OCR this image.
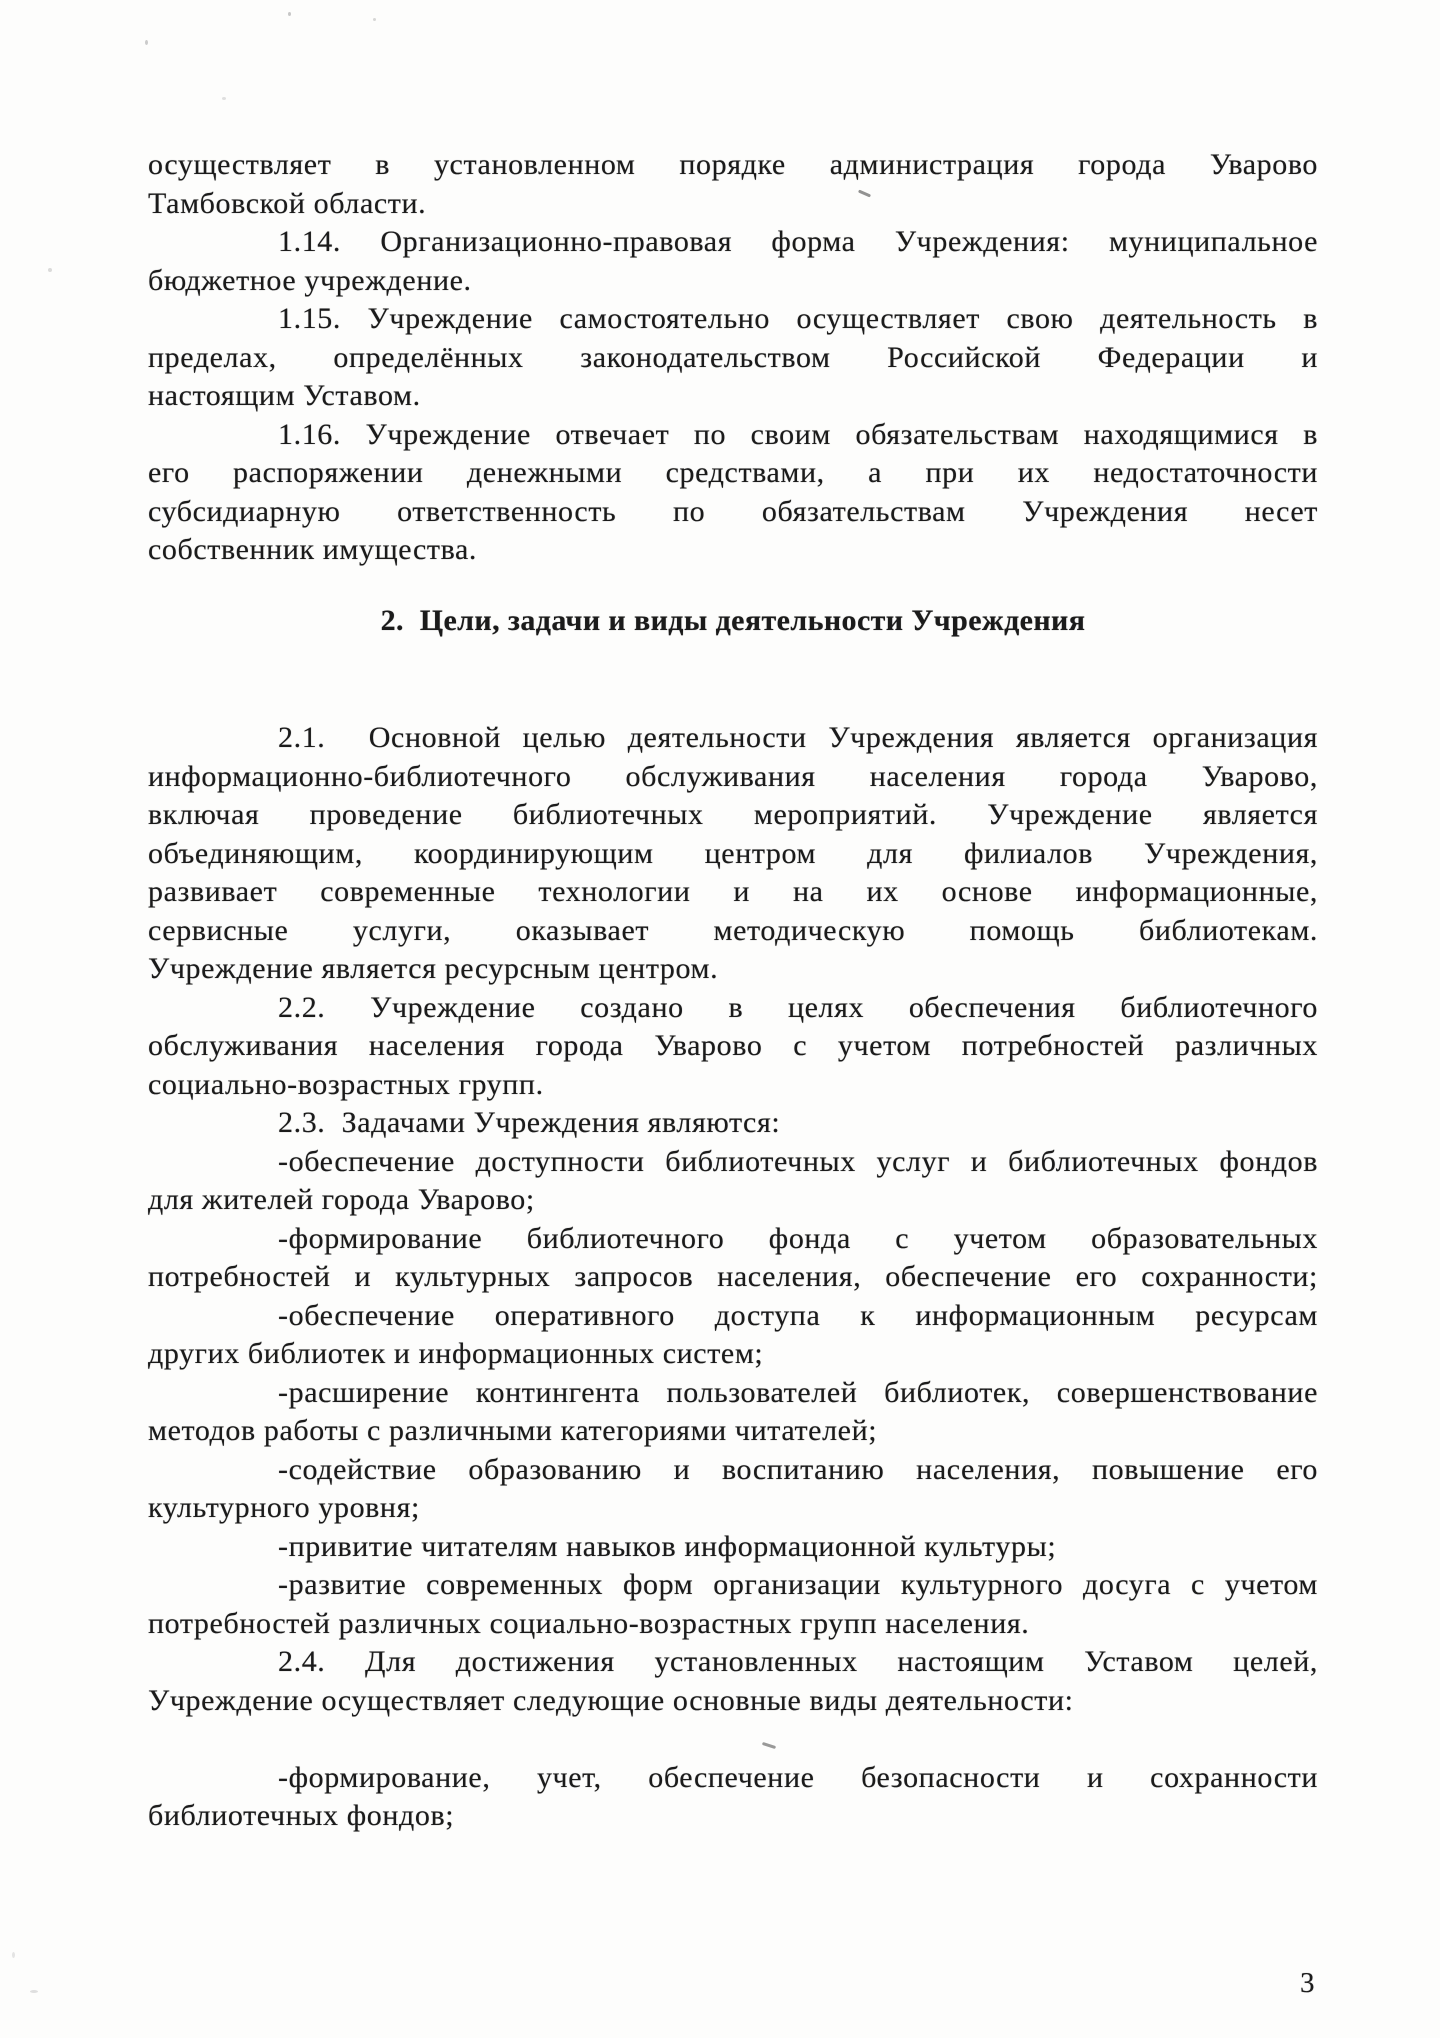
осуществляет в установленном порядке администрация города Уварово
Тамбовской области.

1.14. Организационно-правовая форма Учреждения: муниципальное
бюджетное учреждение.

1.15. Учреждение самостоятельно осуществляет свою деятельность в
пределах, определённых законодательством Российской Федерации и
настоящим Уставом.

1.16. Учреждение отвечает по своим обязательствам находящимися в
его распоряжении денежными средствами, а при их недостаточности
субсидиарную ответственность по обязательствам Учреждения несет
собственник имущества.

2.  Цели, задачи и виды деятельности Учреждения

2.1.  Основной целью деятельности Учреждения является организация
информационно-библиотечного обслуживания населения города Уварово,
включая проведение библиотечных мероприятий. Учреждение является
объединяющим, координирующим центром для филиалов Учреждения,
развивает современные технологии и на их основе информационные,
сервисные услуги, оказывает методическую помощь библиотекам.
Учреждение является ресурсным центром.

2.2. Учреждение создано в целях обеспечения библиотечного
обслуживания населения города Уварово с учетом потребностей различных
социально-возрастных групп.

2.3.  Задачами Учреждения являются:

-обеспечение доступности библиотечных услуг и библиотечных фондов
для жителей города Уварово;

-формирование библиотечного фонда с учетом образовательных
потребностей и культурных запросов населения, обеспечение его сохранности;

-обеспечение оперативного доступа к информационным ресурсам
других библиотек и информационных систем;

-расширение контингента пользователей библиотек, совершенствование
методов работы с различными категориями читателей;

-содействие образованию и воспитанию населения, повышение его
культурного уровня;

-привитие читателям навыков информационной культуры;

-развитие современных форм организации культурного досуга с учетом
потребностей различных социально-возрастных групп населения.

2.4. Для достижения установленных настоящим Уставом целей,
Учреждение осуществляет следующие основные виды деятельности:

-формирование, учет, обеспечение безопасности и сохранности
библиотечных фондов;

3
